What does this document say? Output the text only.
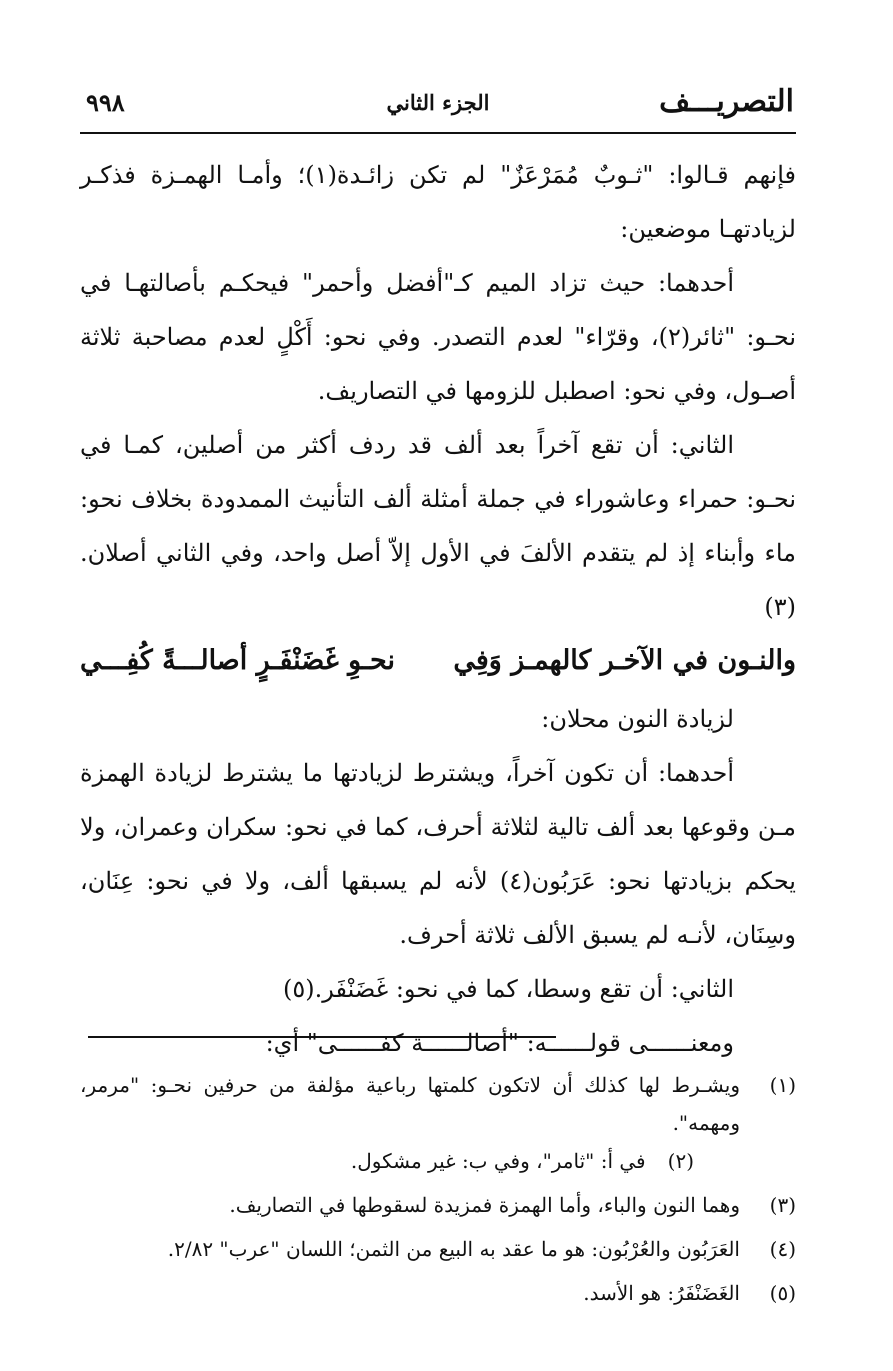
التصريـــف
الجزء الثاني
٩٩٨

فإنهم قـالوا: "ثـوبٌ مُمَرْعَزٌ" لم تكن زائـدة(١)؛ وأمـا الهمـزة فذكـر لزيادتهـا موضعين:

أحدهما: حيث تزاد الميم كـ"أفضل وأحمر" فيحكـم بأصالتهـا في نحـو: "ثائر(٢)، وقرّاء" لعدم التصدر. وفي نحو: أَكْلٍ لعدم مصاحبة ثلاثة أصـول، وفي نحو: اصطبل للزومها في التصاريف.

الثاني: أن تقع آخراً بعد ألف قد ردف أكثر من أصلين، كمـا في نحـو: حمراء وعاشوراء في جملة أمثلة ألف التأنيث الممدودة بخلاف نحو: ماء وأبناء إذ لم يتقدم الألفَ في الأول إلاّ أصل واحد، وفي الثاني أصلان.(٣)

والنـون في الآخـر كالهمـز وَفِي
نحـوِ غَضَنْفَـرٍ أصالـــةً كُفِـــي

لزيادة النون محلان:

أحدهما: أن تكون آخراً، ويشترط لزيادتها ما يشترط لزيادة الهمزة مـن وقوعها بعد ألف تالية لثلاثة أحرف، كما في نحو: سكران وعمران، ولا يحكم بزيادتها نحو: عَرَبُون(٤) لأنه لم يسبقها ألف، ولا في نحو: عِنَان، وسِنَان، لأنـه لم يسبق الألف ثلاثة أحرف.

الثاني: أن تقع وسطا، كما في نحو: غَضَنْفَر.(٥)

ومعنــــــى قولــــــه: "أصالــــــة كفــــــى" أي:

(١)
ويشـرط لها كذلك أن لاتكون كلمتها رباعية مؤلفة من حرفين نحـو: "مرمر، ومهمه".
(٢)في أ: "ثامر"، وفي ب: غير مشكول.
(٣)
وهما النون والباء، وأما الهمزة فمزيدة لسقوطها في التصاريف.
(٤)
العَرَبُون والعُرْبُون: هو ما عقد به البيع من الثمن؛ اللسان "عرب" ٢/٨٢.
(٥)
الغَضَنْفَرُ: هو الأسد.
